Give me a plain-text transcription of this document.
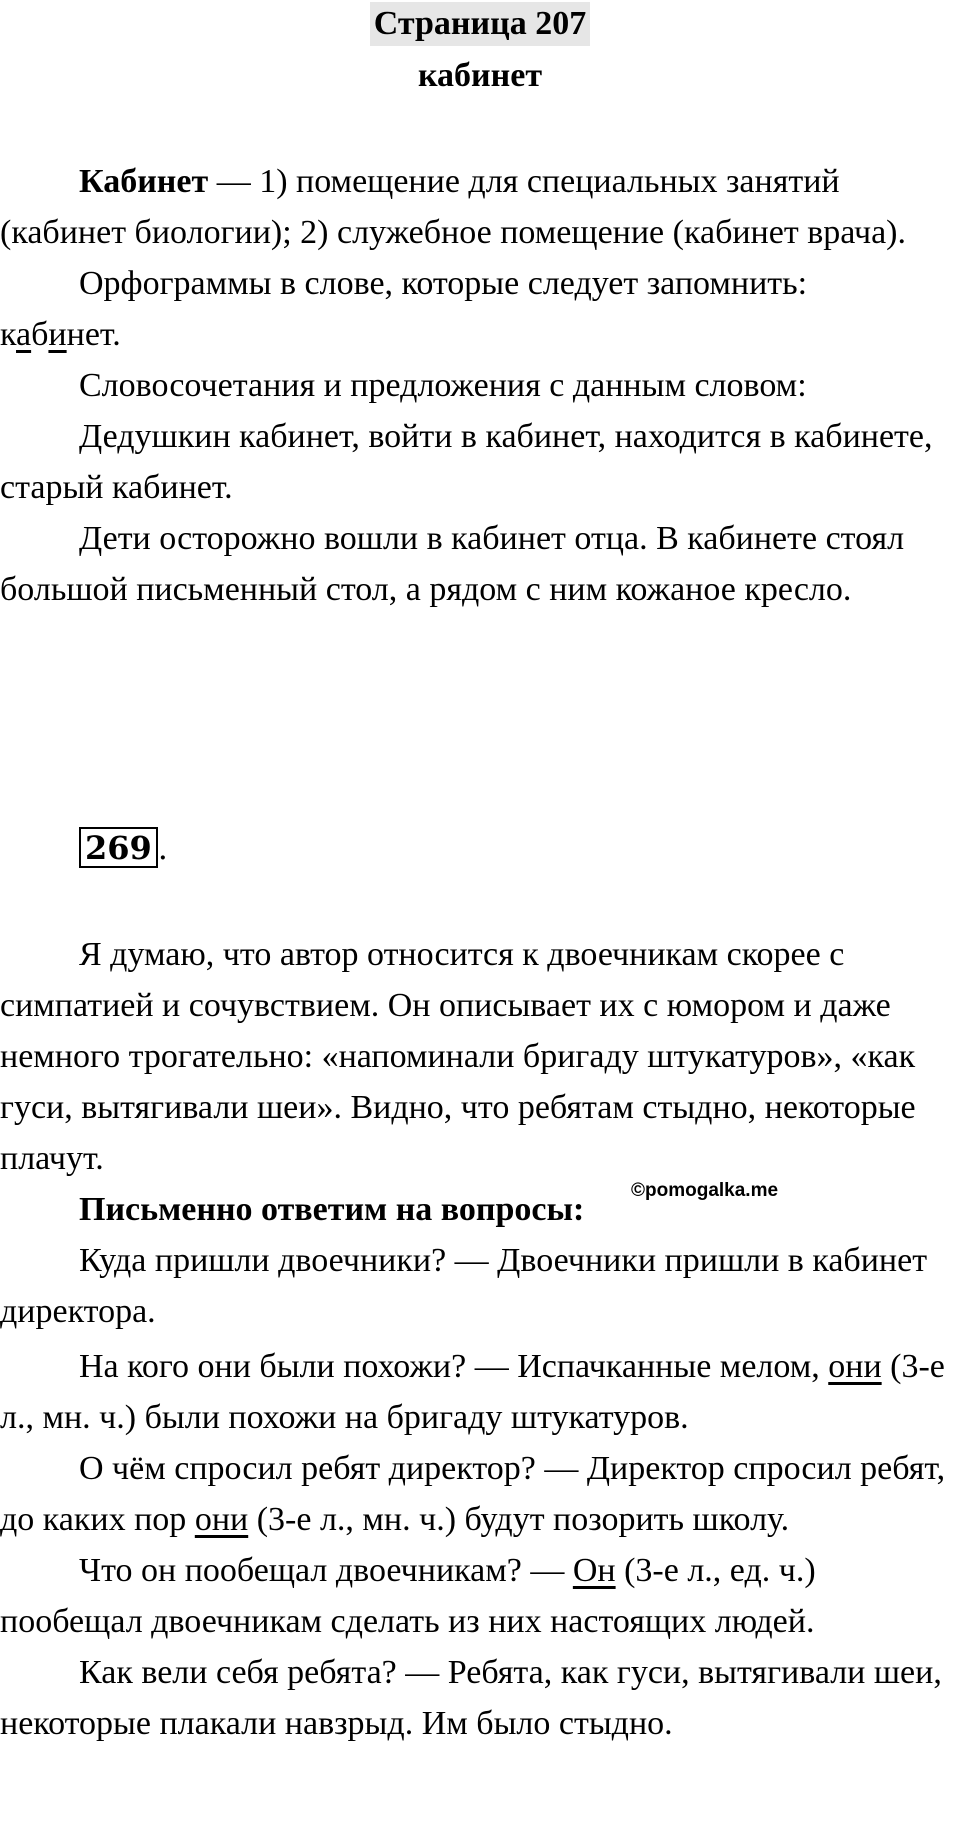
Страница 207
кабинет

Кабинет — 1) помещение для специальных занятий (кабинет биологии); 2) служебное помещение (кабинет врача).

Орфограммы в слове, которые следует запомнить:

кабинет.

Словосочетания и предложения с данным словом:

Дедушкин кабинет, войти в кабинет, находится в кабинете, старый кабинет.

Дети осторожно вошли в кабинет отца. В кабинете стоял большой письменный стол, а рядом с ним кожаное кресло.

269 .

Я думаю, что автор относится к двоечникам скорее с симпатией и сочувствием. Он описывает их с юмором и даже немного трогательно: «напоминали бригаду штукатуров», «как гуси, вытягивали шеи». Видно, что ребятам стыдно, некоторые плачут.

Письменно ответим на вопросы:

Куда пришли двоечники? — Двоечники пришли в кабинет директора.

На кого они были похожи? — Испачканные мелом, они (3-е л., мн. ч.) были похожи на бригаду штукатуров.

О чём спросил ребят директор? — Директор спросил ребят, до каких пор они (3-е л., мн. ч.) будут позорить школу.

Что он пообещал двоечникам? — Он (3-е л., ед. ч.) пообещал двоечникам сделать из них настоящих людей.

Как вели себя ребята? — Ребята, как гуси, вытягивали шеи, некоторые плакали навзрыд. Им было стыдно.

©pomogalka.me
